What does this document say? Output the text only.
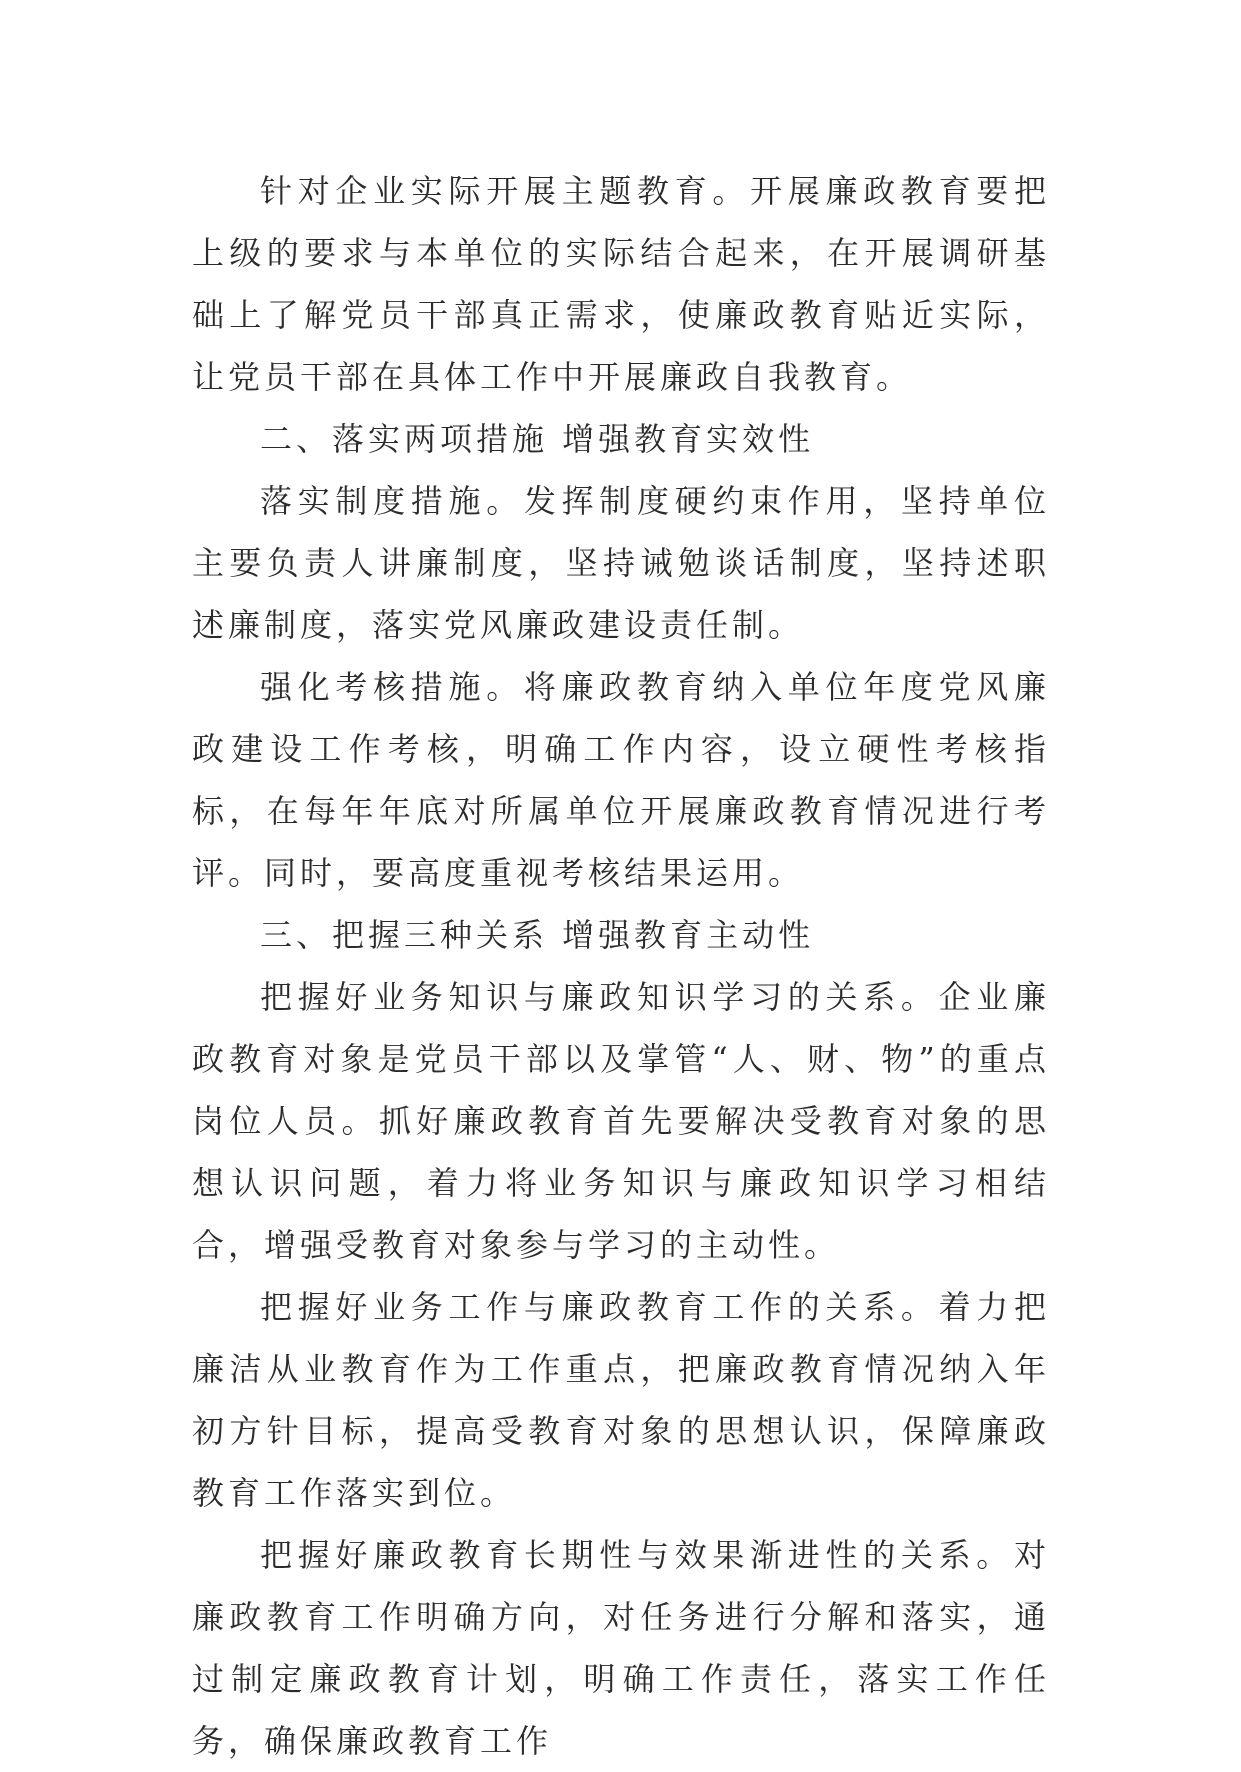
针对企业实际开展主题教育。开展廉政教育要把上级的要求与本单位的实际结合起来，在开展调研基础上了解党员干部真正需求，使廉政教育贴近实际，让党员干部在具体工作中开展廉政自我教育。

二、落实两项措施 增强教育实效性

落实制度措施。发挥制度硬约束作用，坚持单位主要负责人讲廉制度，坚持诫勉谈话制度，坚持述职述廉制度，落实党风廉政建设责任制。

强化考核措施。将廉政教育纳入单位年度党风廉政建设工作考核，明确工作内容，设立硬性考核指标，在每年年底对所属单位开展廉政教育情况进行考评。同时，要高度重视考核结果运用。

三、把握三种关系 增强教育主动性

把握好业务知识与廉政知识学习的关系。企业廉政教育对象是党员干部以及掌管“人、财、物”的重点岗位人员。抓好廉政教育首先要解决受教育对象的思想认识问题，着力将业务知识与廉政知识学习相结合，增强受教育对象参与学习的主动性。

把握好业务工作与廉政教育工作的关系。着力把廉洁从业教育作为工作重点，把廉政教育情况纳入年初方针目标，提高受教育对象的思想认识，保障廉政教育工作落实到位。

把握好廉政教育长期性与效果渐进性的关系。对廉政教育工作明确方向，对任务进行分解和落实，通过制定廉政教育计划，明确工作责任，落实工作任务，确保廉政教育工作
